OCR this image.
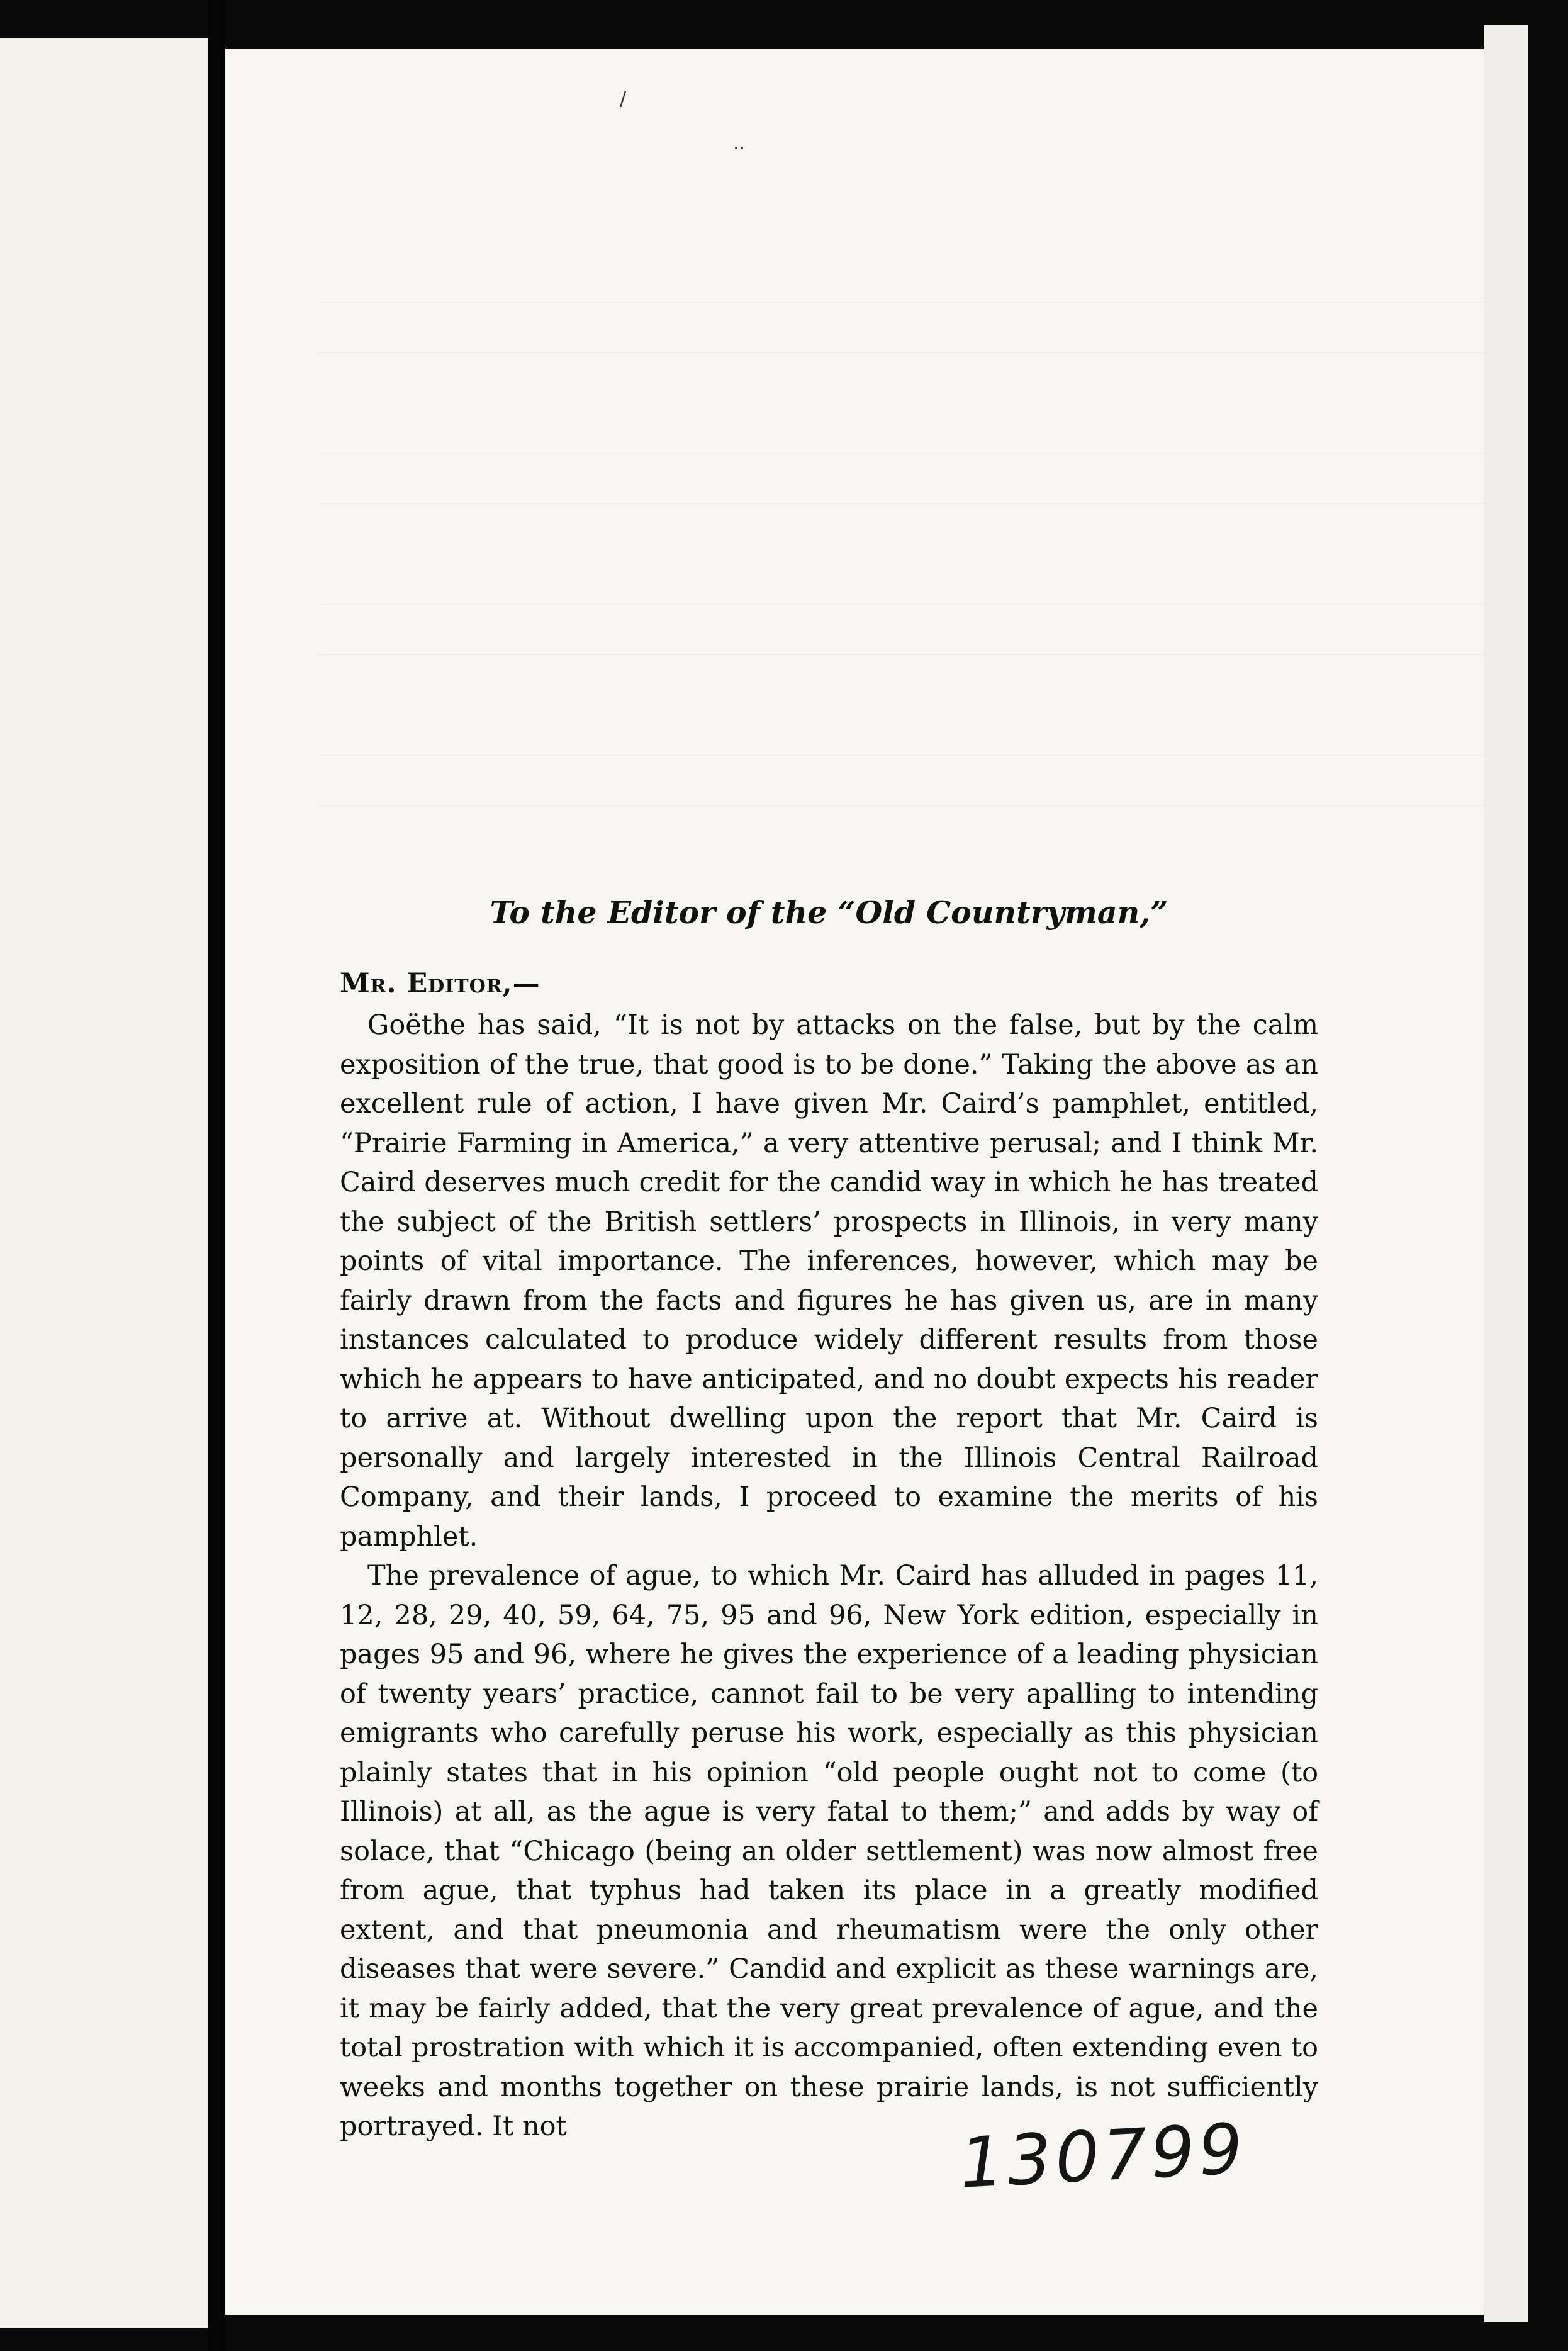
/
..
To the Editor of the “Old Countryman,”
Mr. Editor,—

Goëthe has said, “It is not by attacks on the false, but by the calm exposition of the true, that good is to be done.” Taking the above as an excellent rule of action, I have given Mr. Caird’s pamphlet, entitled, “Prairie Farming in America,” a very attentive perusal; and I think Mr. Caird deserves much credit for the candid way in which he has treated the subject of the British settlers’ prospects in Illinois, in very many points of vital importance. The inferences, however, which may be fairly drawn from the facts and figures he has given us, are in many instances calculated to produce widely different results from those which he appears to have anticipated, and no doubt expects his reader to arrive at. Without dwelling upon the report that Mr. Caird is personally and largely interested in the Illinois Central Railroad Company, and their lands, I proceed to examine the merits of his pamphlet.

The prevalence of ague, to which Mr. Caird has alluded in pages 11, 12, 28, 29, 40, 59, 64, 75, 95 and 96, New York edition, especially in pages 95 and 96, where he gives the experience of a leading physician of twenty years’ practice, cannot fail to be very apalling to intending emigrants who carefully peruse his work, especially as this physician plainly states that in his opinion “old people ought not to come (to Illinois) at all, as the ague is very fatal to them;” and adds by way of solace, that “Chicago (being an older settlement) was now almost free from ague, that typhus had taken its place in a greatly modified extent, and that pneumonia and rheumatism were the only other diseases that were severe.” Candid and explicit as these warnings are, it may be fairly added, that the very great prevalence of ague, and the total prostration with which it is accompanied, often extending even to weeks and months together on these prairie lands, is not sufficiently portrayed. It not	130799
